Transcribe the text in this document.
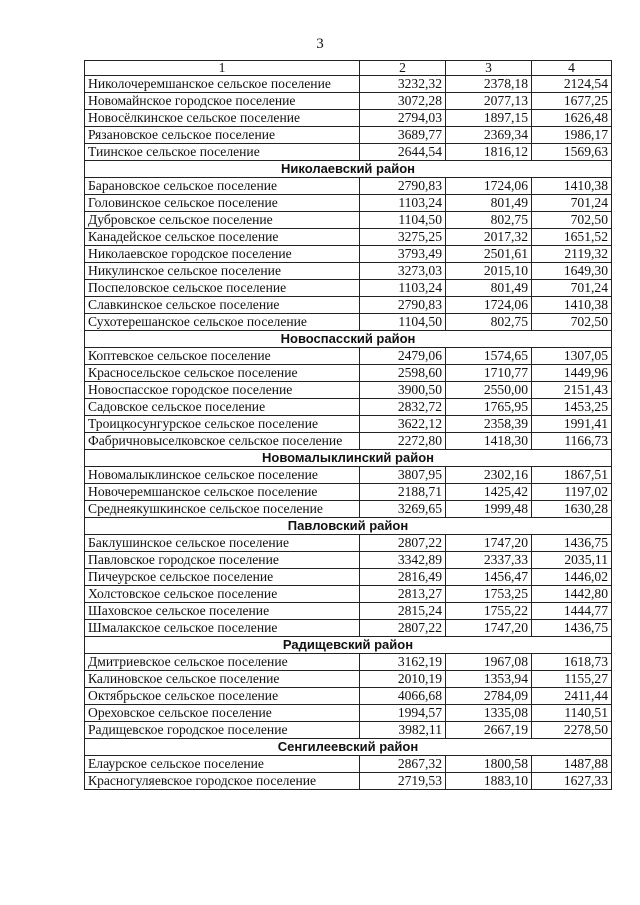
3
1	2	3	4
Николочеремшанское сельское поселение	3232,32	2378,18	2124,54
Новомайнское городское поселение	3072,28	2077,13	1677,25
Новосёлкинское сельское поселение	2794,03	1897,15	1626,48
Рязановское сельское поселение	3689,77	2369,34	1986,17
Тиинское сельское поселение	2644,54	1816,12	1569,63
Николаевский район			
Барановское сельское поселение	2790,83	1724,06	1410,38
Головинское сельское поселение	1103,24	801,49	701,24
Дубровское сельское поселение	1104,50	802,75	702,50
Канадейское сельское поселение	3275,25	2017,32	1651,52
Николаевское городское поселение	3793,49	2501,61	2119,32
Никулинское сельское поселение	3273,03	2015,10	1649,30
Поспеловское сельское поселение	1103,24	801,49	701,24
Славкинское сельское поселение	2790,83	1724,06	1410,38
Сухотерешанское сельское поселение	1104,50	802,75	702,50
Новоспасский район			
Коптевское сельское поселение	2479,06	1574,65	1307,05
Красносельское сельское поселение	2598,60	1710,77	1449,96
Новоспасское городское поселение	3900,50	2550,00	2151,43
Садовское сельское поселение	2832,72	1765,95	1453,25
Троицкосунгурское сельское поселение	3622,12	2358,39	1991,41
Фабричновыселковское сельское поселение	2272,80	1418,30	1166,73
Новомалыклинский район			
Новомалыклинское сельское поселение	3807,95	2302,16	1867,51
Новочеремшанское сельское поселение	2188,71	1425,42	1197,02
Среднеякушкинское сельское поселение	3269,65	1999,48	1630,28
Павловский район			
Баклушинское сельское поселение	2807,22	1747,20	1436,75
Павловское городское поселение	3342,89	2337,33	2035,11
Пичеурское сельское поселение	2816,49	1456,47	1446,02
Холстовское сельское поселение	2813,27	1753,25	1442,80
Шаховское сельское поселение	2815,24	1755,22	1444,77
Шмалакское сельское поселение	2807,22	1747,20	1436,75
Радищевский район			
Дмитриевское сельское поселение	3162,19	1967,08	1618,73
Калиновское сельское поселение	2010,19	1353,94	1155,27
Октябрьское сельское поселение	4066,68	2784,09	2411,44
Ореховское сельское поселение	1994,57	1335,08	1140,51
Радищевское городское поселение	3982,11	2667,19	2278,50
Сенгилеевский район			
Елаурское сельское поселение	2867,32	1800,58	1487,88
Красногуляевское городское поселение	2719,53	1883,10	1627,33
